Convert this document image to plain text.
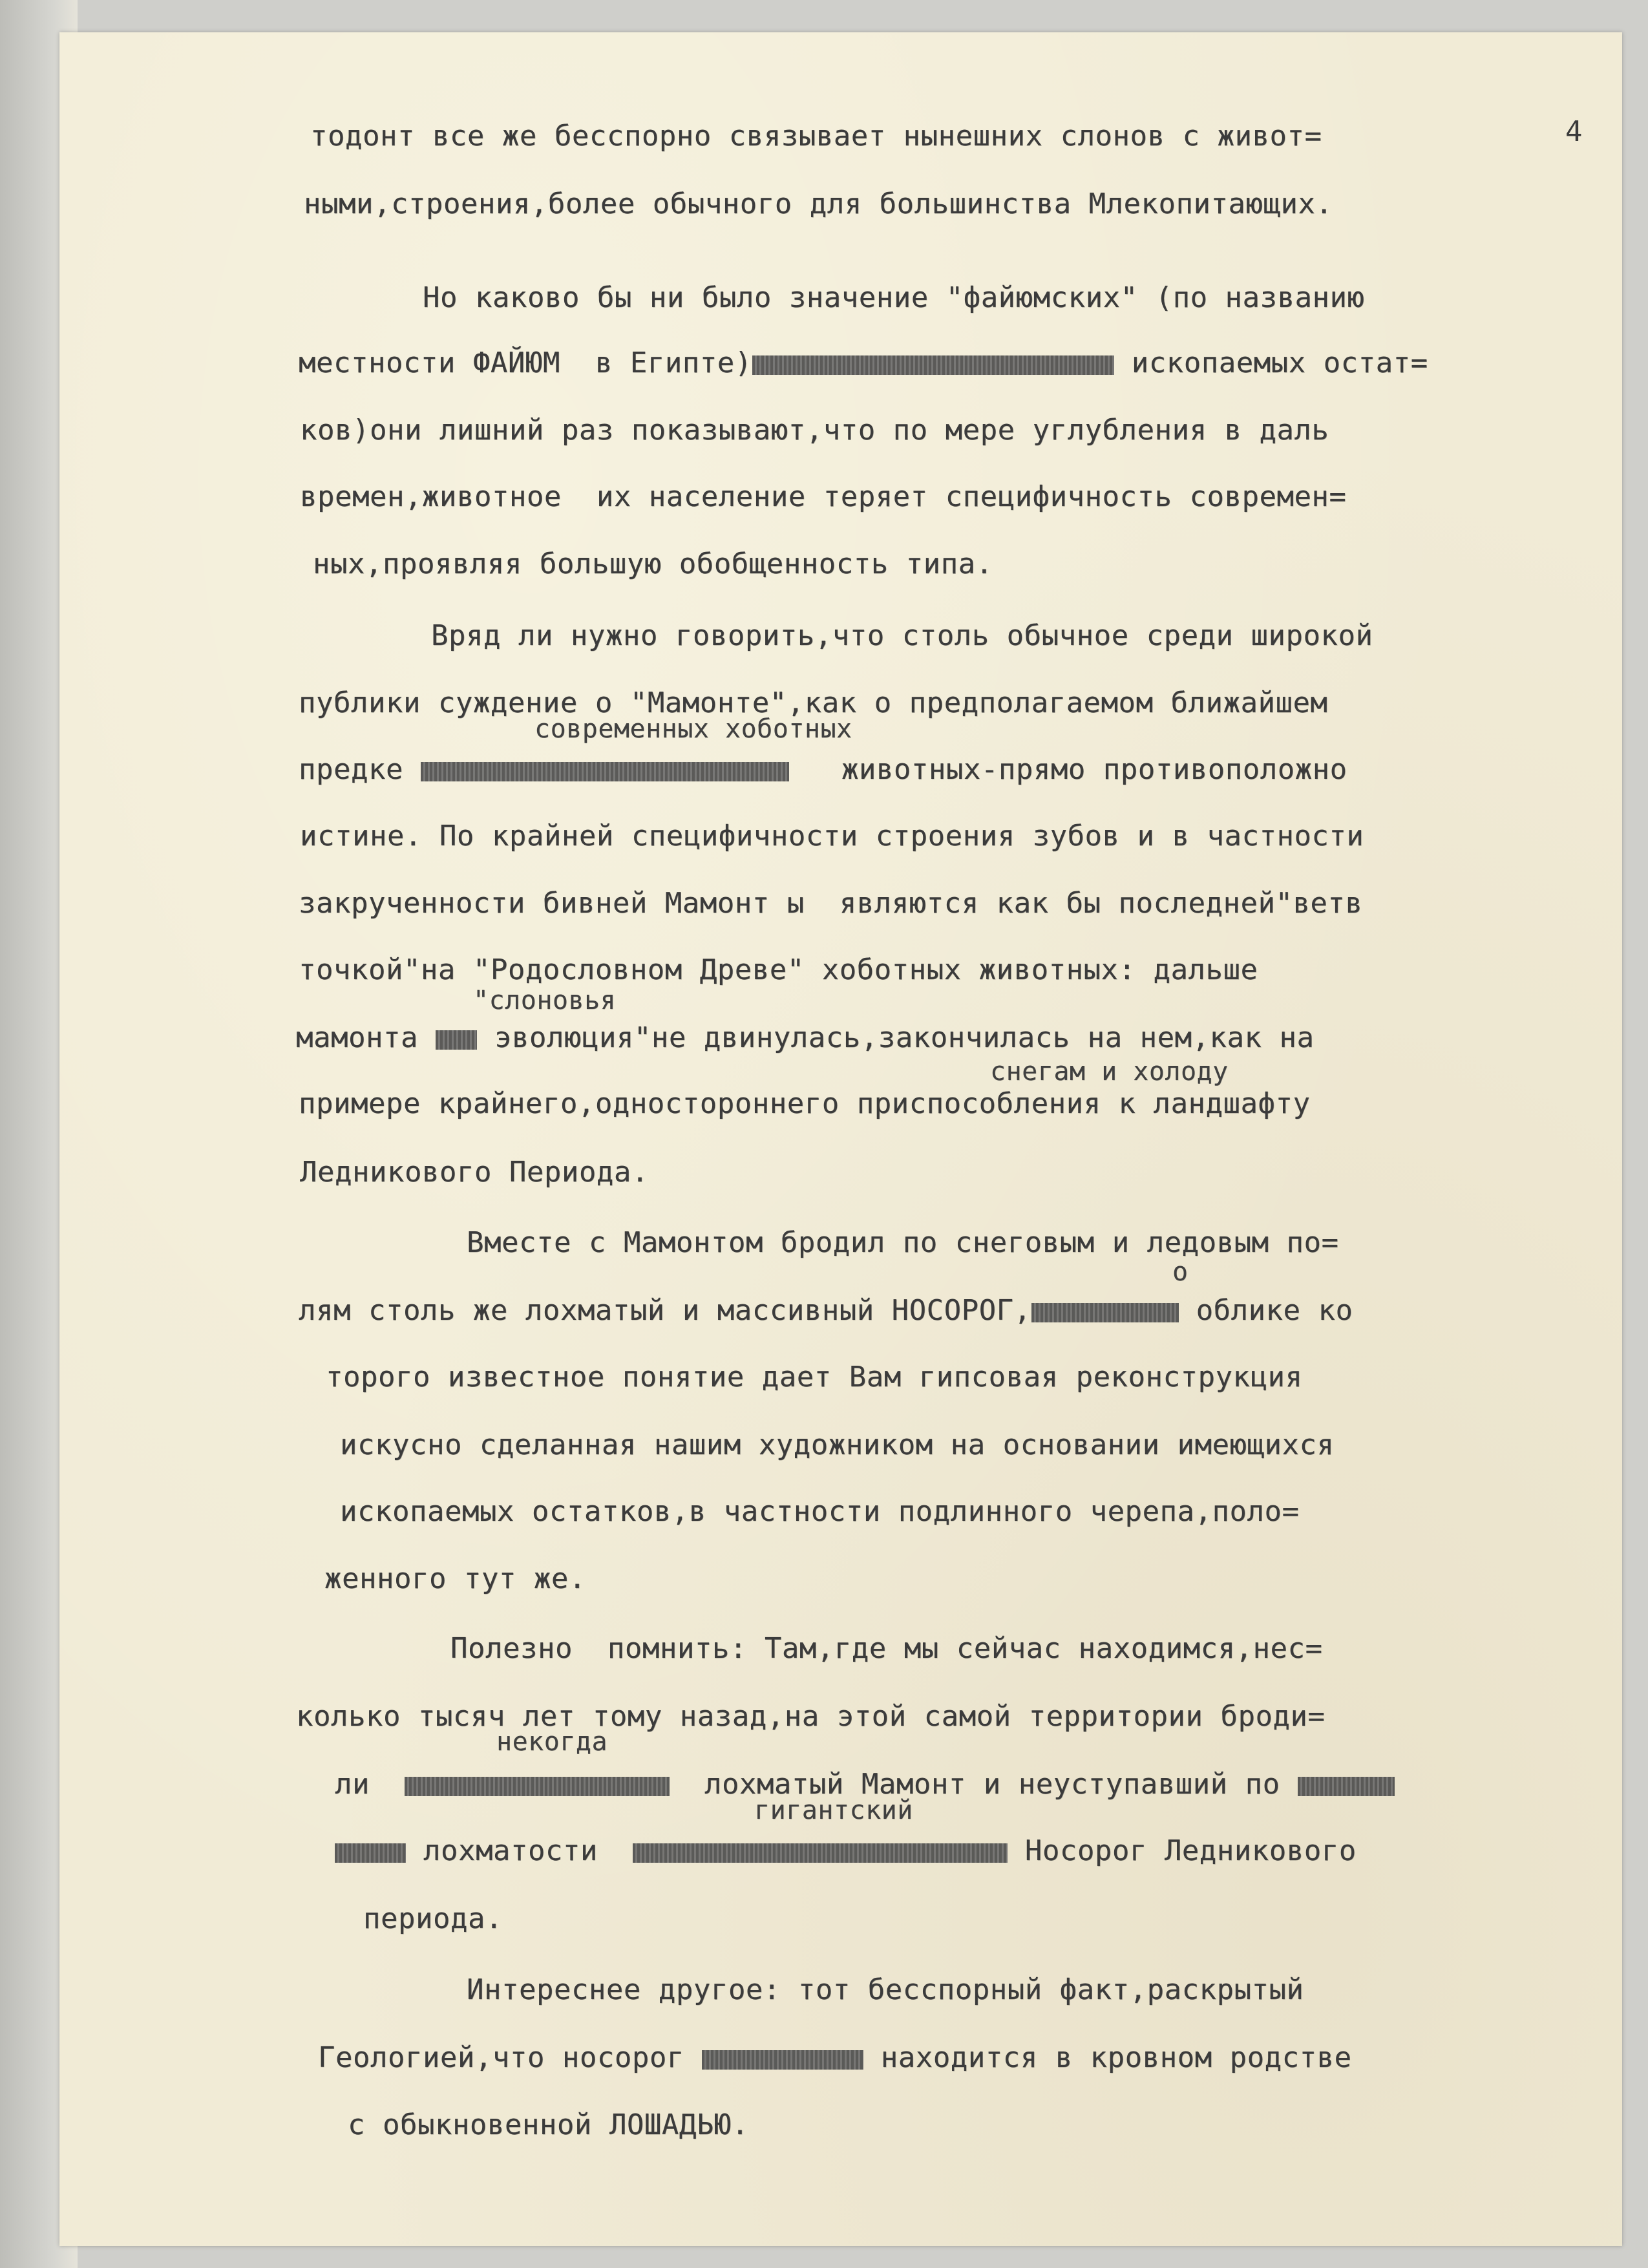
4
тодонт все же бесспорно связывает нынешних слонов с живот=
ными,строения,более обычного для большинства Млекопитающих.
Но каково бы ни было значение "файюмских" (по названию
местности ФАЙЮМ  в Египте)	ископаемых остат=
ков)они лишний раз показывают,что по мере углубления в даль
времен,животное  их население теряет специфичность современ=
ных,проявляя большую обобщенность типа.
Вряд ли нужно говорить,что столь обычное среди широкой
публики суждение о "Мамонте",как о предполагаемом ближайшем
современных хоботных
предке	животных-прямо противоположно
истине. По крайней специфичности строения зубов и в частности
закрученности бивней Мамонт ы  являются как бы последней"ветв
точкой"на "Родословном Древе" хоботных животных: дальше
"слоновья
мамонта	эволюция"не двинулась,закончилась на нем,как на
снегам и холоду
примере крайнего,одностороннего приспособления к ландшафту
Ледникового Периода.
Вместе с Мамонтом бродил по снеговым и ледовым по=
о
лям столь же лохматый и массивный НОСОРОГ,	облике ко
торого известное понятие дает Вам гипсовая реконструкция
искусно сделанная нашим художником на основании имеющихся
ископаемых остатков,в частности подлинного черепа,поло=
женного тут же.
Полезно  помнить: Там,где мы сейчас находимся,нес=
колько тысяч лет тому назад,на этой самой территории броди=
некогда
ли	лохматый Мамонт и неуступавший по
гигантский
лохматости	Носорог Ледникового
периода.
Интереснее другое: тот бесспорный факт,раскрытый
Геологией,что носорог	находится в кровном родстве
с обыкновенной ЛОШАДЬЮ.
